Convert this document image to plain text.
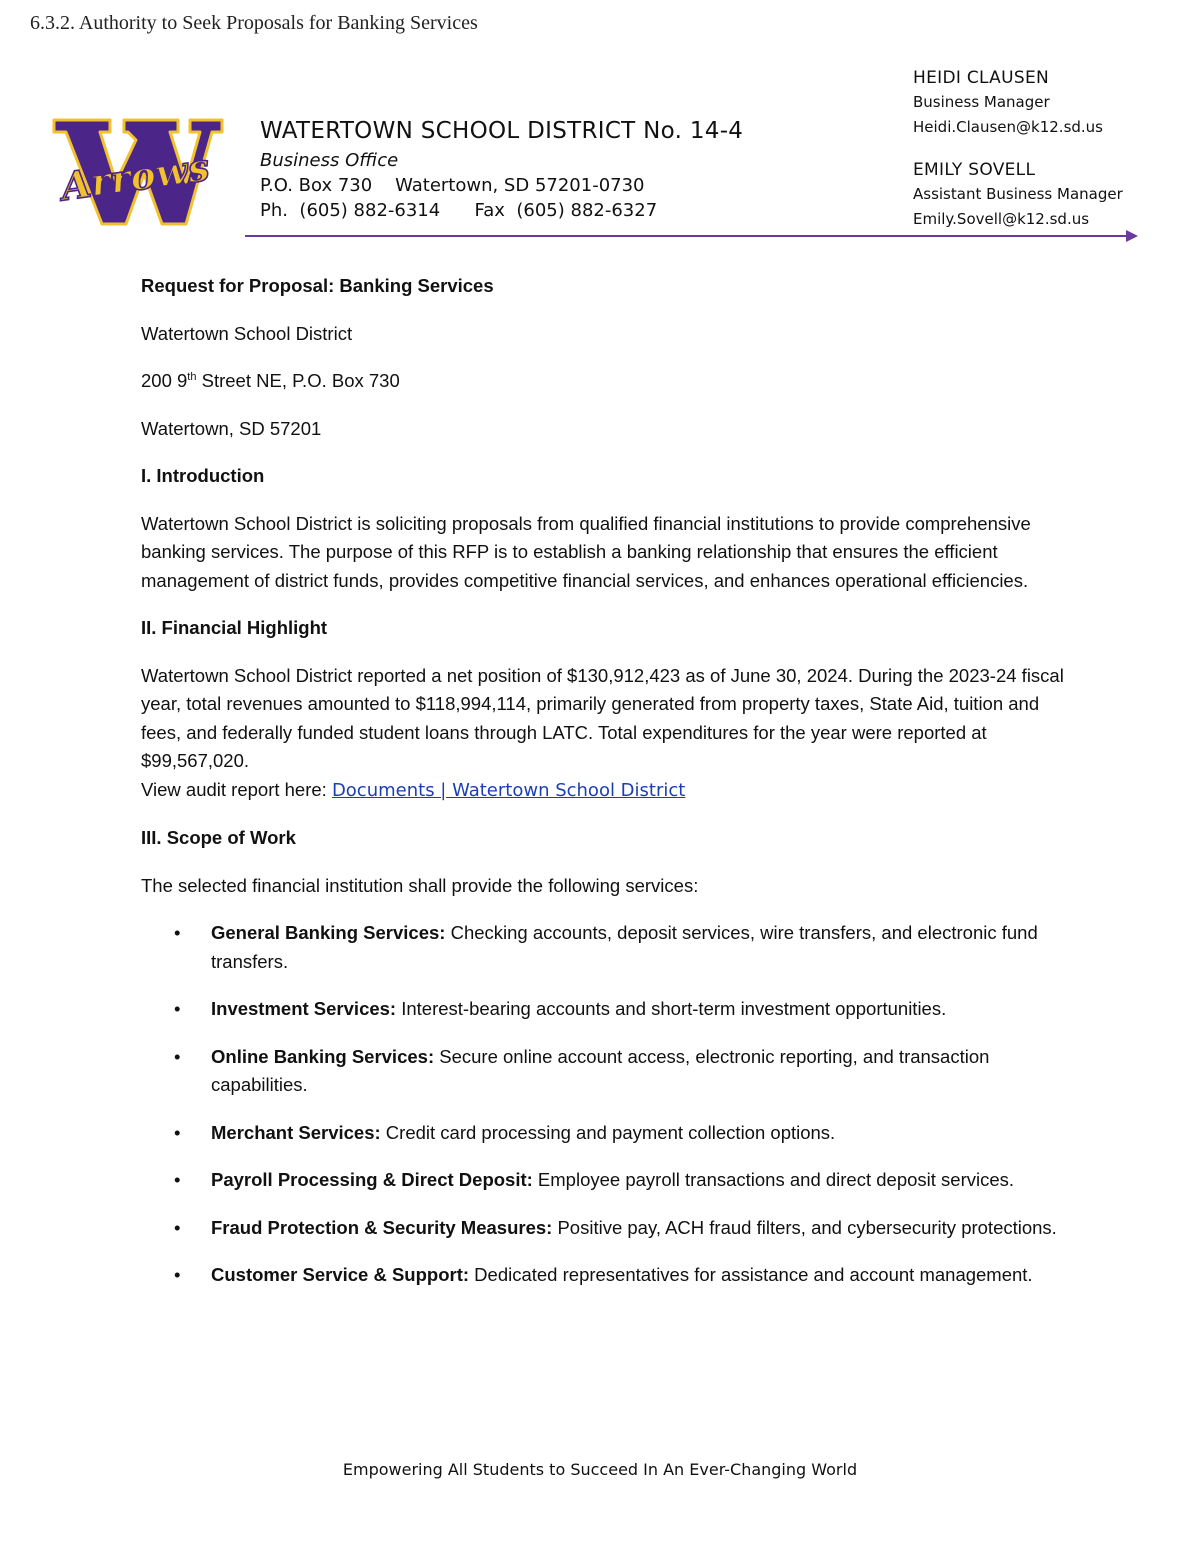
6.3.2. Authority to Seek Proposals for Banking Services
Arrows
WATERTOWN SCHOOL DISTRICT No. 14-4
Business Office
P.O. Box 730    Watertown, SD 57201-0730
Ph.  (605) 882-6314      Fax  (605) 882-6327
HEIDI CLAUSEN
Business Manager
Heidi.Clausen@k12.sd.us
EMILY SOVELL
Assistant Business Manager
Emily.Sovell@k12.sd.us

Request for Proposal: Banking Services

Watertown School District

200 9th Street NE, P.O. Box 730

Watertown, SD 57201

I. Introduction

Watertown School District is soliciting proposals from qualified financial institutions to provide comprehensive banking services. The purpose of this RFP is to establish a banking relationship that ensures the efficient management of district funds, provides competitive financial services, and enhances operational efficiencies.

II. Financial Highlight

Watertown School District reported a net position of $130,912,423 as of June 30, 2024. During the 2023-24 fiscal year, total revenues amounted to $118,994,114, primarily generated from property taxes, State Aid, tuition and fees, and federally funded student loans through LATC. Total expenditures for the year were reported at $99,567,020.
View audit report here: Documents | Watertown School District

III. Scope of Work

The selected financial institution shall provide the following services:

• General Banking Services: Checking accounts, deposit services, wire transfers, and electronic fund transfers.
• Investment Services: Interest-bearing accounts and short-term investment opportunities.
• Online Banking Services: Secure online account access, electronic reporting, and transaction capabilities.
• Merchant Services: Credit card processing and payment collection options.
• Payroll Processing & Direct Deposit: Employee payroll transactions and direct deposit services.
• Fraud Protection & Security Measures: Positive pay, ACH fraud filters, and cybersecurity protections.
• Customer Service & Support: Dedicated representatives for assistance and account management.
Empowering All Students to Succeed In An Ever-Changing World
